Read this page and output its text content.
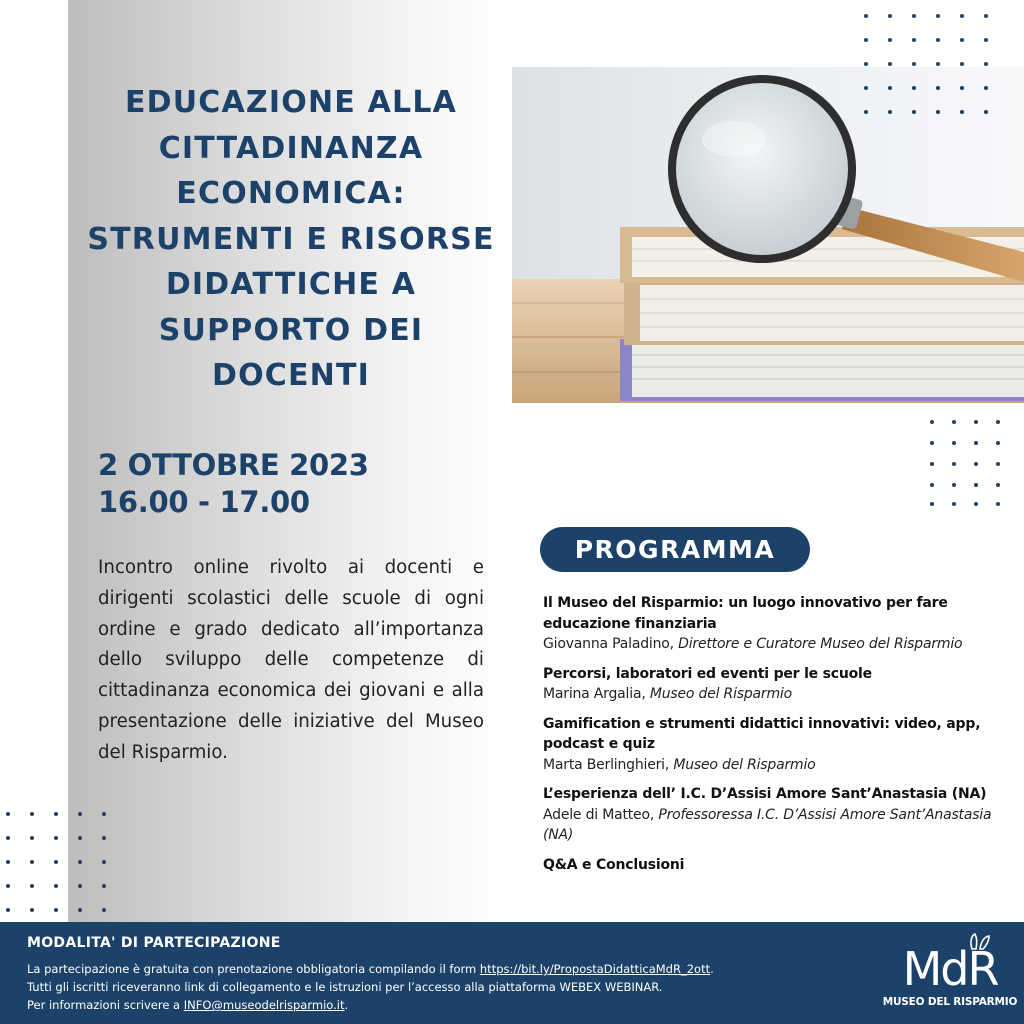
EDUCAZIONE ALLA CITTADINANZA ECONOMICA: STRUMENTI E RISORSE DIDATTICHE A SUPPORTO DEI DOCENTI
2 OTTOBRE 2023
16.00 - 17.00

Incontro online rivolto ai docenti e dirigenti scolastici delle scuole di ogni ordine e grado dedicato all’importanza dello sviluppo delle competenze di cittadinanza economica dei giovani e alla presentazione delle iniziative del Museo del Risparmio.

PROGRAMMA
Il Museo del Risparmio: un luogo innovativo per fare educazione finanziaria
Giovanna Paladino, Direttore e Curatore Museo del Risparmio
Percorsi, laboratori ed eventi per le scuole
Marina Argalia, Museo del Risparmio
Gamification e strumenti didattici innovativi: video, app, podcast e quiz
Marta Berlinghieri, Museo del Risparmio
L’esperienza dell’ I.C. D’Assisi Amore Sant’Anastasia (NA)
Adele di Matteo, Professoressa I.C. D’Assisi Amore Sant’Anastasia (NA)
Q&A e Conclusioni
MODALITA' DI PARTECIPAZIONE
La partecipazione è gratuita con prenotazione obbligatoria compilando il form https://bit.ly/PropostaDidatticaMdR_2ott.
Tutti gli iscritti riceveranno link di collegamento e le istruzioni per l’accesso alla piattaforma WEBEX WEBINAR.
Per informazioni scrivere a INFO@museodelrisparmio.it.
MdR
MUSEO DEL RISPARMIO
